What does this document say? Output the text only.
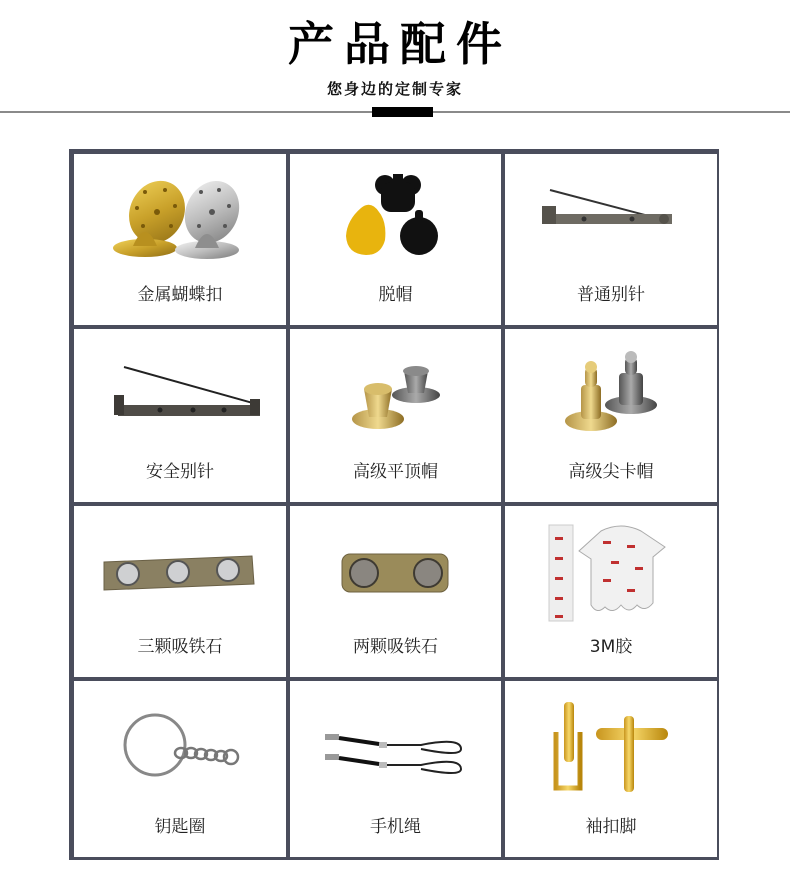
产品配件
您身边的定制专家
金属蝴蝶扣	脱帽	普通别针
安全别针	高级平顶帽	高级尖卡帽
三颗吸铁石	两颗吸铁石	3M胶
钥匙圈	手机绳	袖扣脚
